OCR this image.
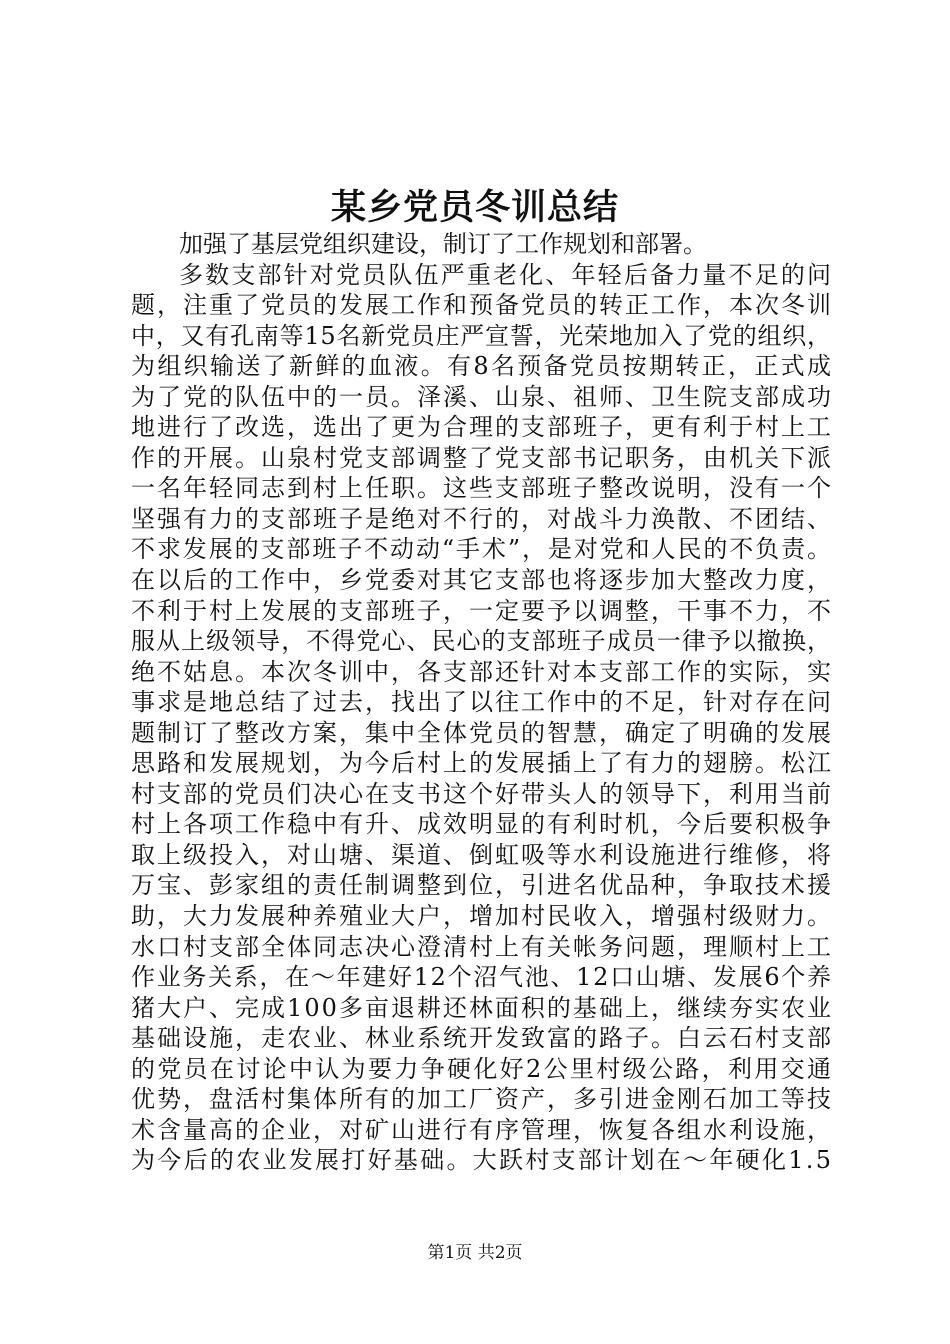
某乡党员冬训总结
加强了基层党组织建设，制订了工作规划和部署。
多数支部针对党员队伍严重老化、年轻后备力量不足的问
题，注重了党员的发展工作和预备党员的转正工作，本次冬训
中，又有孔南等15名新党员庄严宣誓，光荣地加入了党的组织，
为组织输送了新鲜的血液。有8名预备党员按期转正，正式成
为了党的队伍中的一员。泽溪、山泉、祖师、卫生院支部成功
地进行了改选，选出了更为合理的支部班子，更有利于村上工
作的开展。山泉村党支部调整了党支部书记职务，由机关下派
一名年轻同志到村上任职。这些支部班子整改说明，没有一个
坚强有力的支部班子是绝对不行的，对战斗力涣散、不团结、
不求发展的支部班子不动动“手术”，是对党和人民的不负责。
在以后的工作中，乡党委对其它支部也将逐步加大整改力度，
不利于村上发展的支部班子，一定要予以调整，干事不力，不
服从上级领导，不得党心、民心的支部班子成员一律予以撤换，
绝不姑息。本次冬训中，各支部还针对本支部工作的实际，实
事求是地总结了过去，找出了以往工作中的不足，针对存在问
题制订了整改方案，集中全体党员的智慧，确定了明确的发展
思路和发展规划，为今后村上的发展插上了有力的翅膀。松江
村支部的党员们决心在支书这个好带头人的领导下，利用当前
村上各项工作稳中有升、成效明显的有利时机，今后要积极争
取上级投入，对山塘、渠道、倒虹吸等水利设施进行维修，将
万宝、彭家组的责任制调整到位，引进名优品种，争取技术援
助，大力发展种养殖业大户，增加村民收入，增强村级财力。
水口村支部全体同志决心澄清村上有关帐务问题，理顺村上工
作业务关系，在～年建好12个沼气池、12口山塘、发展6个养
猪大户、完成100多亩退耕还林面积的基础上，继续夯实农业
基础设施，走农业、林业系统开发致富的路子。白云石村支部
的党员在讨论中认为要力争硬化好2公里村级公路，利用交通
优势，盘活村集体所有的加工厂资产，多引进金刚石加工等技
术含量高的企业，对矿山进行有序管理，恢复各组水利设施，
为今后的农业发展打好基础。大跃村支部计划在～年硬化1.5
第1页 共2页
